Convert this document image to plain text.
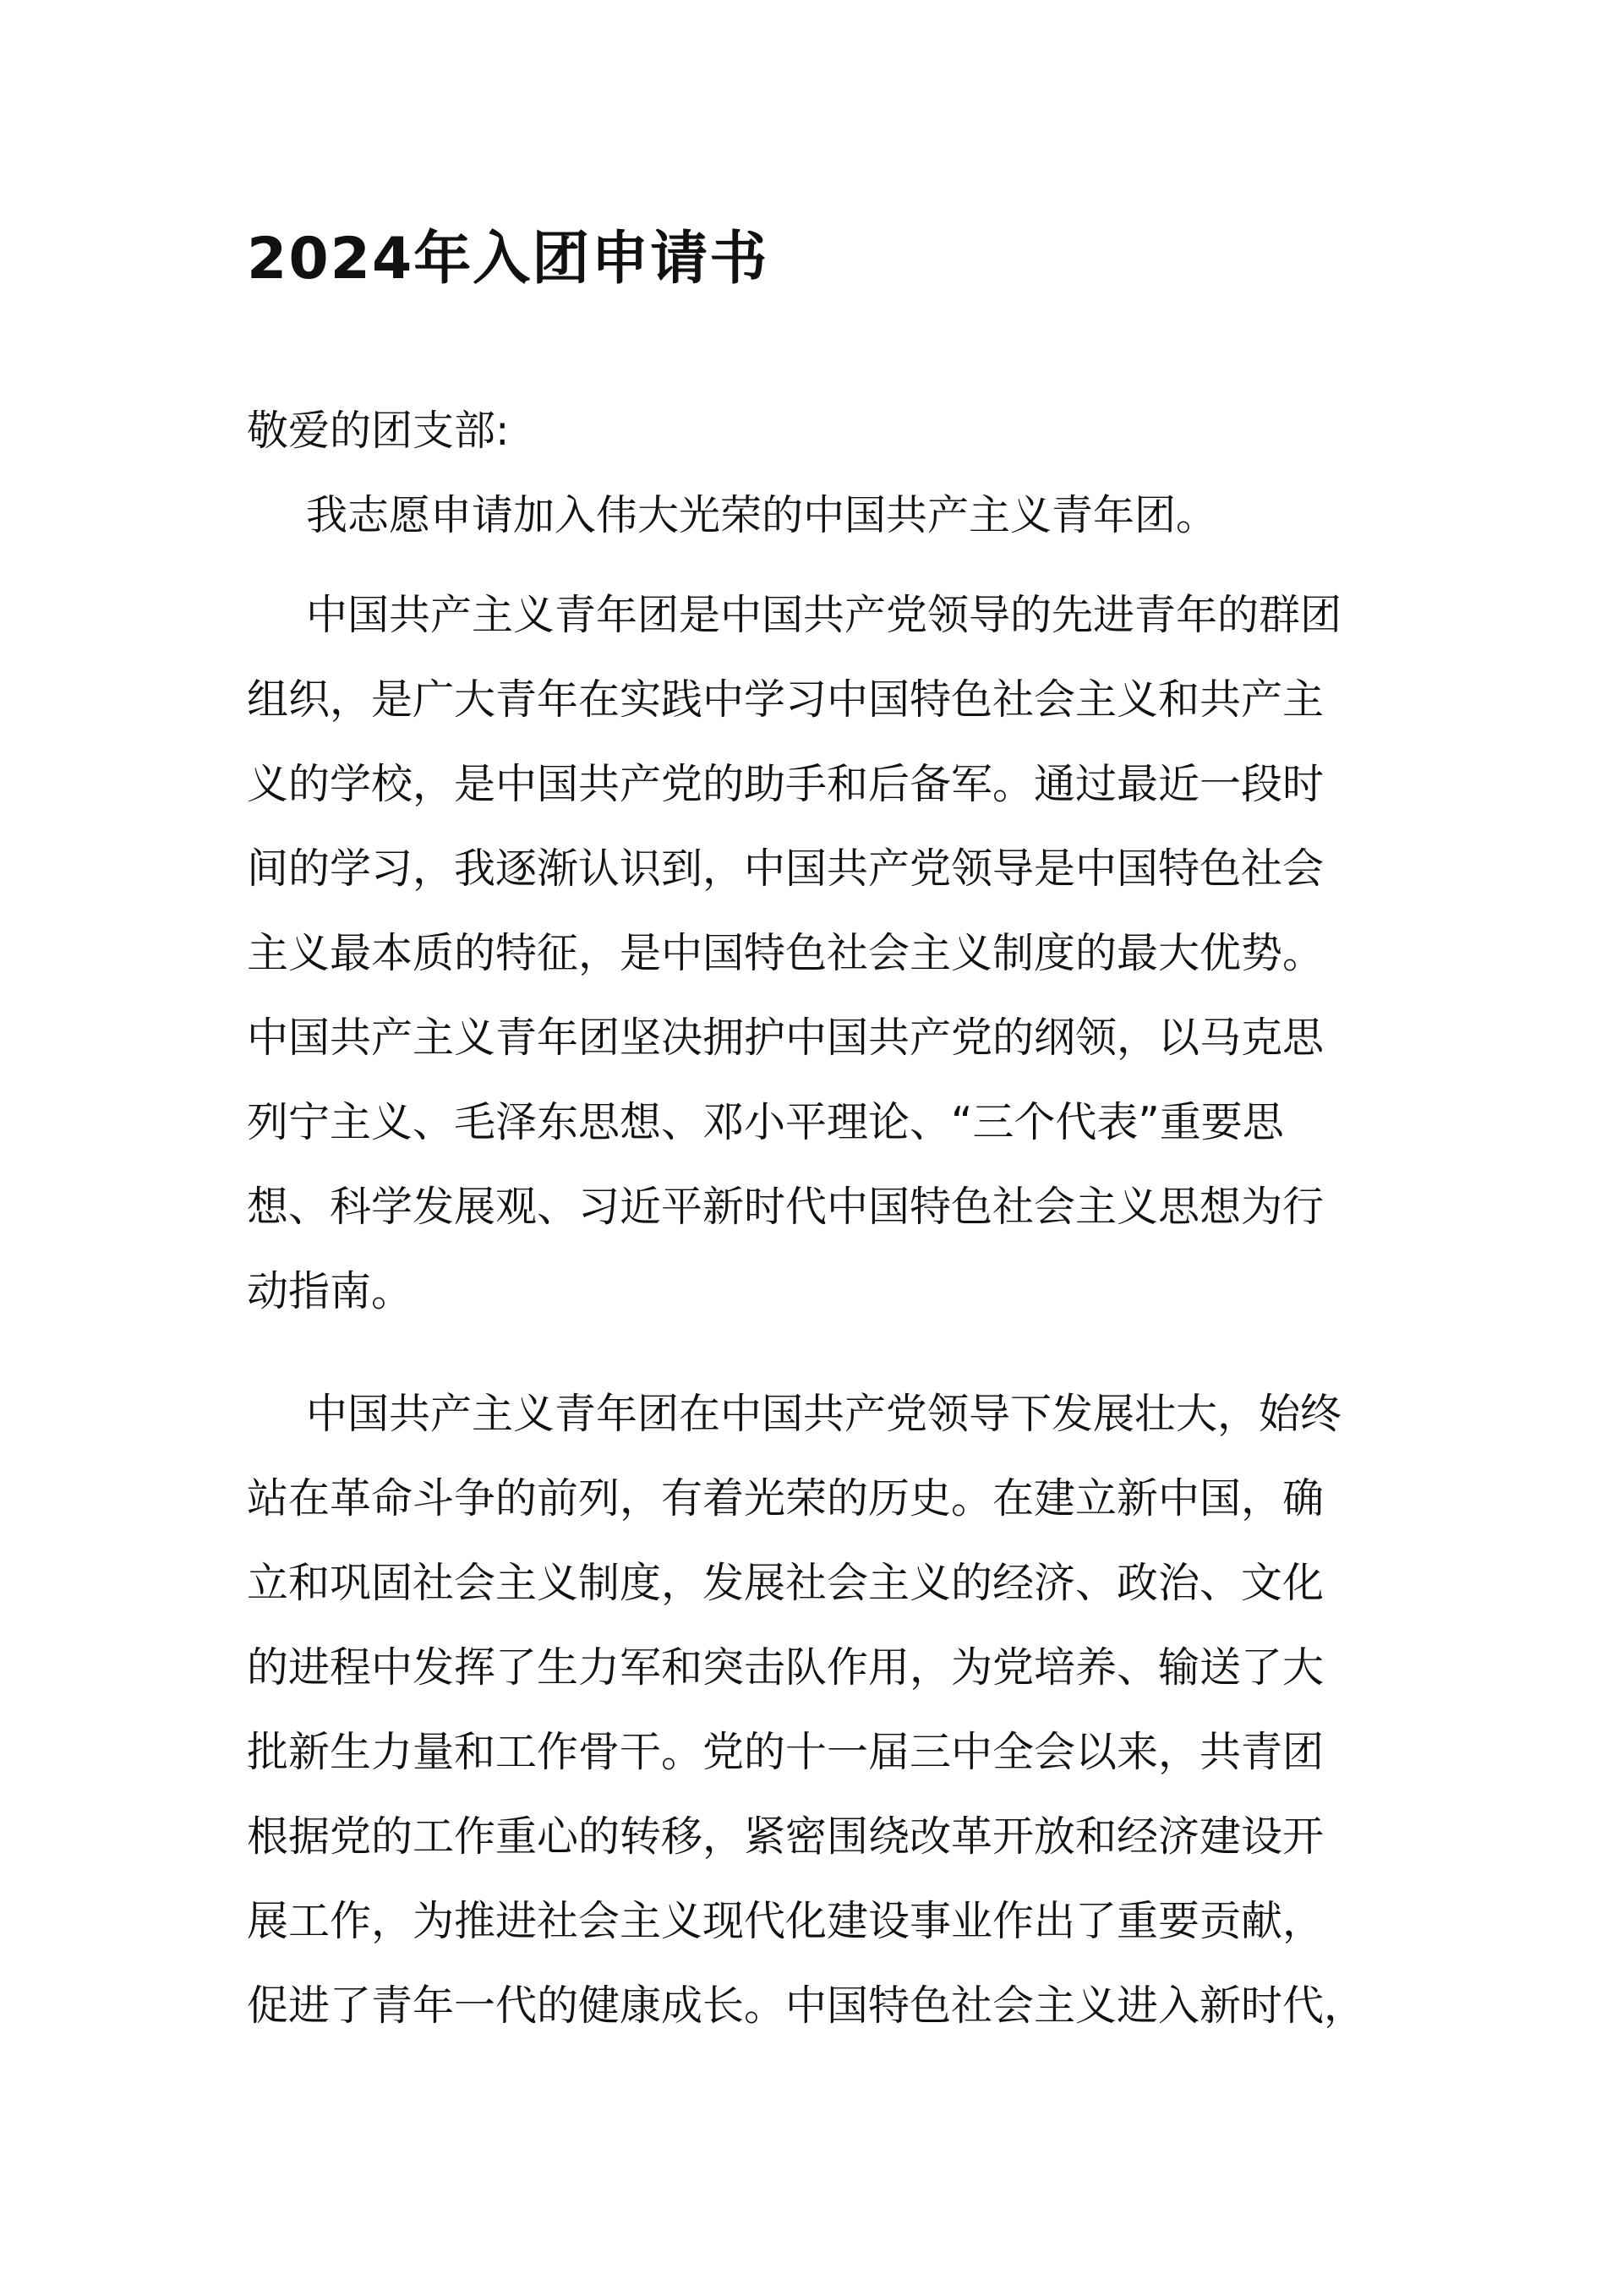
2024年入团申请书
敬爱的团支部:
我志愿申请加入伟大光荣的中国共产主义青年团。
中国共产主义青年团是中国共产党领导的先进青年的群团
组织，是广大青年在实践中学习中国特色社会主义和共产主
义的学校，是中国共产党的助手和后备军。通过最近一段时
间的学习，我逐渐认识到，中国共产党领导是中国特色社会
主义最本质的特征，是中国特色社会主义制度的最大优势。
中国共产主义青年团坚决拥护中国共产党的纲领，以马克思
列宁主义、毛泽东思想、邓小平理论、“三个代表”重要思
想、科学发展观、习近平新时代中国特色社会主义思想为行
动指南。
中国共产主义青年团在中国共产党领导下发展壮大，始终
站在革命斗争的前列，有着光荣的历史。在建立新中国，确
立和巩固社会主义制度，发展社会主义的经济、政治、文化
的进程中发挥了生力军和突击队作用，为党培养、输送了大
批新生力量和工作骨干。党的十一届三中全会以来，共青团
根据党的工作重心的转移，紧密围绕改革开放和经济建设开
展工作，为推进社会主义现代化建设事业作出了重要贡献，
促进了青年一代的健康成长。中国特色社会主义进入新时代，
